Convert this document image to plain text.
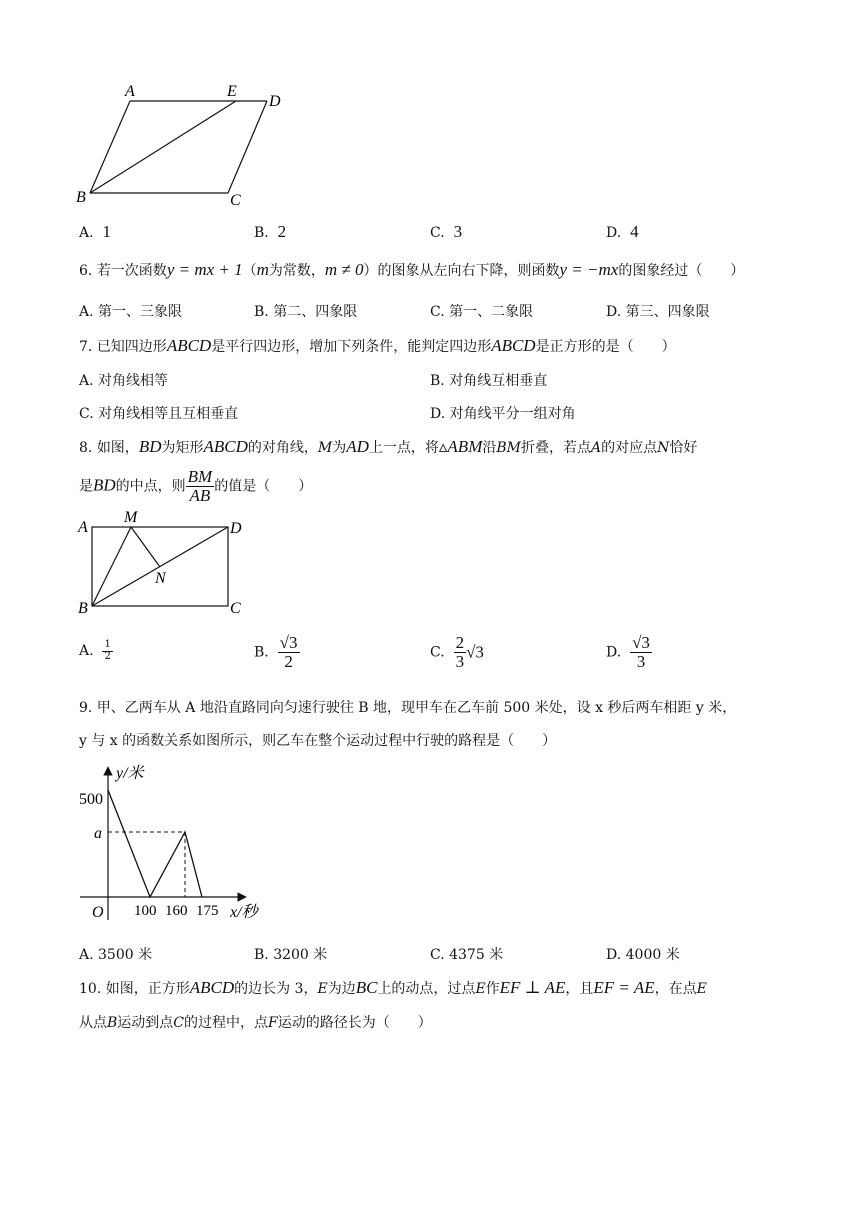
A	E
D
B	C
A. 1	B. 2	C. 3	D. 4
6. 若一次函数y = mx + 1（m为常数，m ≠ 0）的图象从左向右下降，则函数y = −mx的图象经过（　　）
A. 第一、三象限	B. 第二、四象限	C. 第一、二象限	D. 第三、四象限
7. 已知四边形ABCD是平行四边形，增加下列条件，能判定四边形ABCD是正方形的是（　　）
A. 对角线相等	B. 对角线互相垂直
C. 对角线相等且互相垂直	D. 对角线平分一组对角
8. 如图，BD为矩形ABCD的对角线，M为AD上一点，将▵ABM沿BM折叠，若点A的对应点N恰好
是BD的中点，则 $\frac{BM}{AB}$ 的值是（　　）
A
M
D
N
B	C
A. $\frac{1}{2}$	B. $\frac{√3}{2}$	C. $\frac{2}{3} √3$	D. $\frac{√3}{3}$
9. 甲、乙两车从 A 地沿直路同向匀速行驶往 B 地，现甲车在乙车前 500 米处，设 x 秒后两车相距 y 米，
y 与 x 的函数关系如图所示，则乙车在整个运动过程中行驶的路程是（　　）
y/米
x/秒
500
a
O 100 160 175
A. 3500 米	B. 3200 米	C. 4375 米	D. 4000 米
10. 如图，正方形ABCD的边长为 3，E为边BC上的动点，过点E作EF ⊥ AE，且EF = AE，在点E
从点B运动到点C的过程中，点F运动的路径长为（　　）
